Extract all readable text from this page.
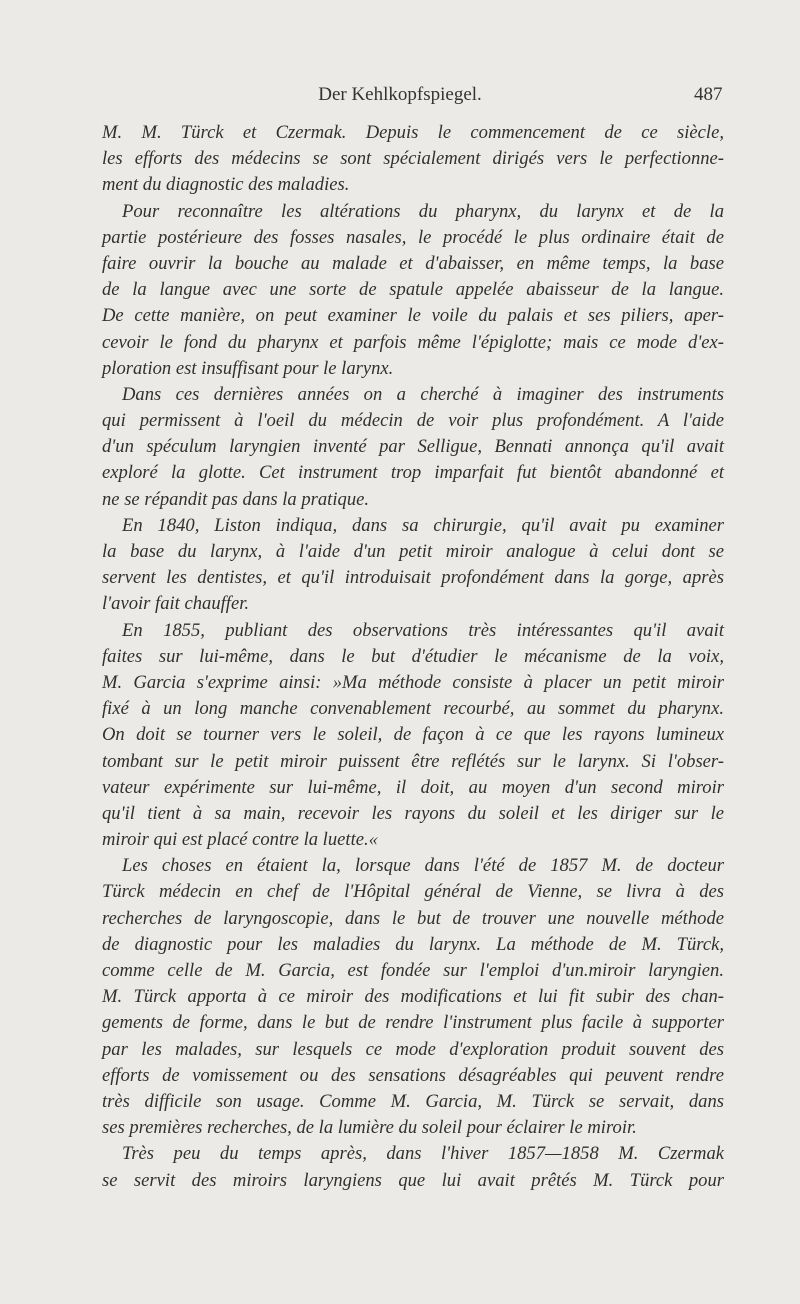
Der Kehlkopfspiegel.	487
M. M. Türck et Czermak. Depuis le commencement de ce siècle,
les efforts des médecins se sont spécialement dirigés vers le perfectionne-
ment du diagnostic des maladies.
Pour reconnaître les altérations du pharynx, du larynx et de la
partie postérieure des fosses nasales, le procédé le plus ordinaire était de
faire ouvrir la bouche au malade et d'abaisser, en même temps, la base
de la langue avec une sorte de spatule appelée abaisseur de la langue.
De cette manière, on peut examiner le voile du palais et ses piliers, aper-
cevoir le fond du pharynx et parfois même l'épiglotte; mais ce mode d'ex-
ploration est insuffisant pour le larynx.
Dans ces dernières années on a cherché à imaginer des instruments
qui permissent à l'oeil du médecin de voir plus profondément. A l'aide
d'un spéculum laryngien inventé par Selligue, Bennati annonça qu'il avait
exploré la glotte. Cet instrument trop imparfait fut bientôt abandonné et
ne se répandit pas dans la pratique.
En 1840, Liston indiqua, dans sa chirurgie, qu'il avait pu examiner
la base du larynx, à l'aide d'un petit miroir analogue à celui dont se
servent les dentistes, et qu'il introduisait profondément dans la gorge, après
l'avoir fait chauffer.
En 1855, publiant des observations très intéressantes qu'il avait
faites sur lui-même, dans le but d'étudier le mécanisme de la voix,
M. Garcia s'exprime ainsi: »Ma méthode consiste à placer un petit miroir
fixé à un long manche convenablement recourbé, au sommet du pharynx.
On doit se tourner vers le soleil, de façon à ce que les rayons lumineux
tombant sur le petit miroir puissent être reflétés sur le larynx. Si l'obser-
vateur expérimente sur lui-même, il doit, au moyen d'un second miroir
qu'il tient à sa main, recevoir les rayons du soleil et les diriger sur le
miroir qui est placé contre la luette.«
Les choses en étaient la, lorsque dans l'été de 1857 M. de docteur
Türck médecin en chef de l'Hôpital général de Vienne, se livra à des
recherches de laryngoscopie, dans le but de trouver une nouvelle méthode
de diagnostic pour les maladies du larynx. La méthode de M. Türck,
comme celle de M. Garcia, est fondée sur l'emploi d'un.miroir laryngien.
M. Türck apporta à ce miroir des modifications et lui fit subir des chan-
gements de forme, dans le but de rendre l'instrument plus facile à supporter
par les malades, sur lesquels ce mode d'exploration produit souvent des
efforts de vomissement ou des sensations désagréables qui peuvent rendre
très difficile son usage. Comme M. Garcia, M. Türck se servait, dans
ses premières recherches, de la lumière du soleil pour éclairer le miroir.
Très peu du temps après, dans l'hiver 1857—1858 M. Czermak
se servit des miroirs laryngiens que lui avait prêtés M. Türck pour
